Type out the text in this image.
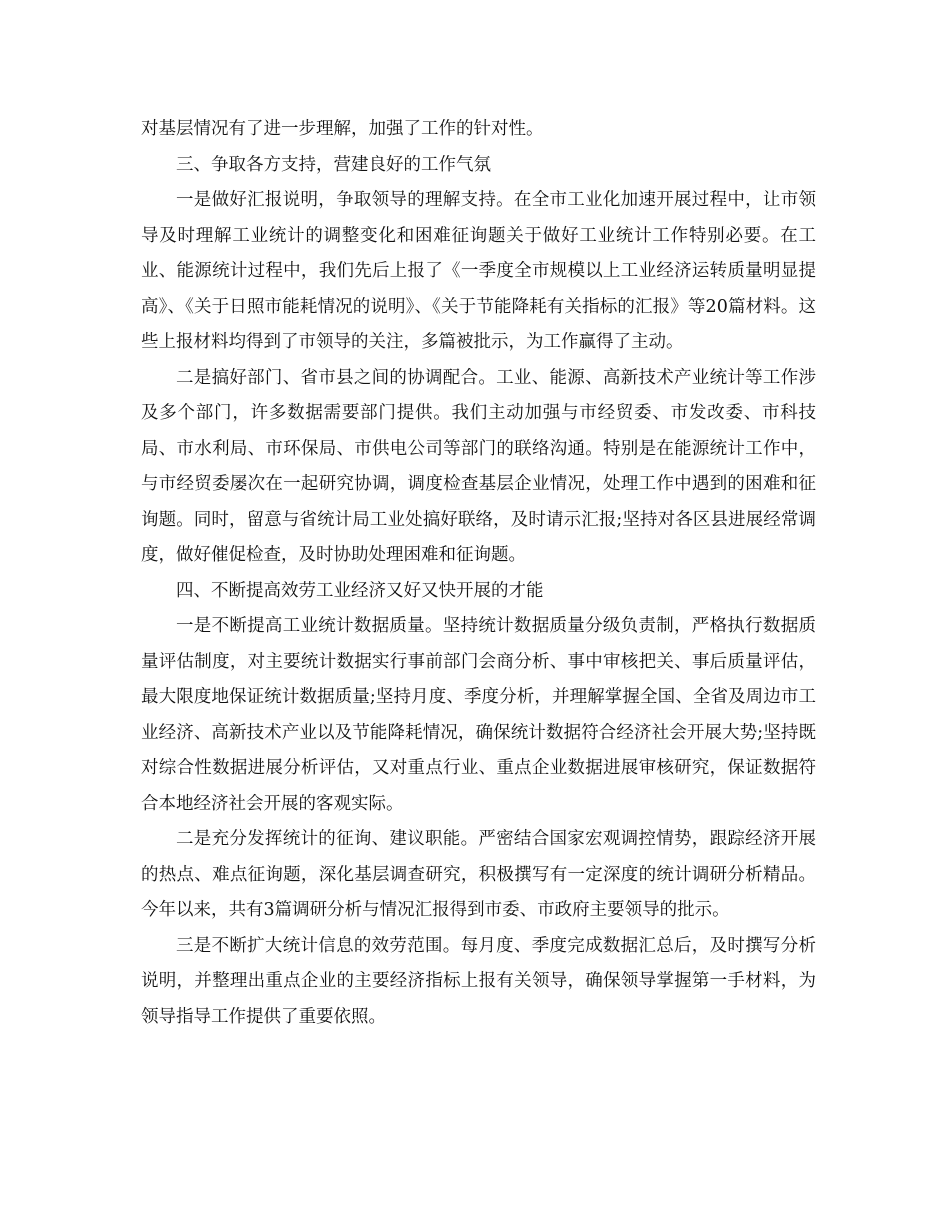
对基层情况有了进一步理解，加强了工作的针对性。

三、争取各方支持，营建良好的工作气氛

一是做好汇报说明，争取领导的理解支持。在全市工业化加速开展过程中，让市领导及时理解工业统计的调整变化和困难征询题关于做好工业统计工作特别必要。在工业、能源统计过程中，我们先后上报了《一季度全市规模以上工业经济运转质量明显提高》、《关于日照市能耗情况的说明》、《关于节能降耗有关指标的汇报》等20篇材料。这些上报材料均得到了市领导的关注，多篇被批示，为工作赢得了主动。

二是搞好部门、省市县之间的协调配合。工业、能源、高新技术产业统计等工作涉及多个部门，许多数据需要部门提供。我们主动加强与市经贸委、市发改委、市科技局、市水利局、市环保局、市供电公司等部门的联络沟通。特别是在能源统计工作中，与市经贸委屡次在一起研究协调，调度检查基层企业情况，处理工作中遇到的困难和征询题。同时，留意与省统计局工业处搞好联络，及时请示汇报;坚持对各区县进展经常调度，做好催促检查，及时协助处理困难和征询题。

四、不断提高效劳工业经济又好又快开展的才能

一是不断提高工业统计数据质量。坚持统计数据质量分级负责制，严格执行数据质量评估制度，对主要统计数据实行事前部门会商分析、事中审核把关、事后质量评估，最大限度地保证统计数据质量;坚持月度、季度分析，并理解掌握全国、全省及周边市工业经济、高新技术产业以及节能降耗情况，确保统计数据符合经济社会开展大势;坚持既对综合性数据进展分析评估，又对重点行业、重点企业数据进展审核研究，保证数据符合本地经济社会开展的客观实际。

二是充分发挥统计的征询、建议职能。严密结合国家宏观调控情势，跟踪经济开展的热点、难点征询题，深化基层调查研究，积极撰写有一定深度的统计调研分析精品。今年以来，共有3篇调研分析与情况汇报得到市委、市政府主要领导的批示。

三是不断扩大统计信息的效劳范围。每月度、季度完成数据汇总后，及时撰写分析说明，并整理出重点企业的主要经济指标上报有关领导，确保领导掌握第一手材料，为领导指导工作提供了重要依照。
